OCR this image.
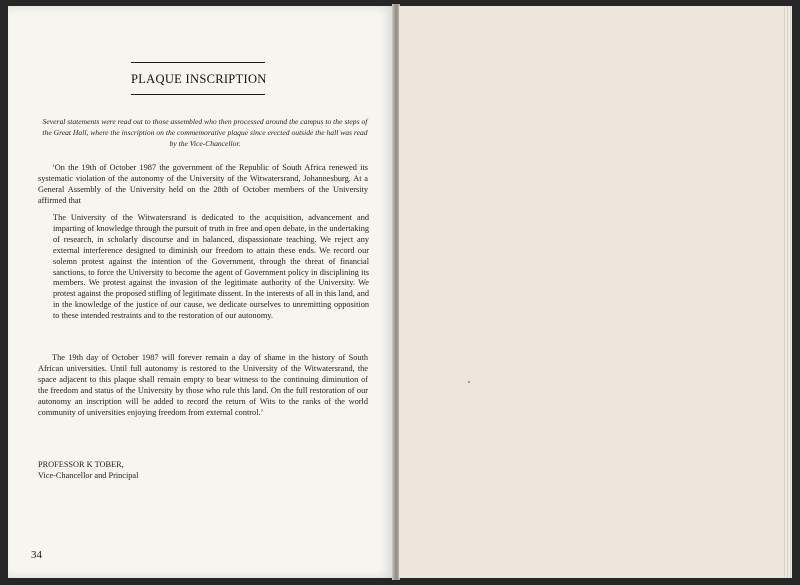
PLAQUE INSCRIPTION
Several statements were read out to those assembled who then processed around the campus to the steps of the Great Hall, where the inscription on the commemorative plaque since erected outside the hall was read by the Vice-Chancellor.
‘On the 19th of October 1987 the government of the Republic of South Africa renewed its systematic violation of the autonomy of the University of the Witwatersrand, Johannesburg. At a General Assembly of the University held on the 28th of October members of the University affirmed that
The University of the Witwatersrand is dedicated to the acquisition, advancement and imparting of knowledge through the pursuit of truth in free and open debate, in the undertaking of research, in scholarly discourse and in balanced, dispassionate teaching. We reject any external interference designed to diminish our freedom to attain these ends. We record our solemn protest against the intention of the Government, through the threat of financial sanctions, to force the University to become the agent of Government policy in disciplining its members. We protest against the invasion of the legitimate authority of the University. We protest against the proposed stifling of legitimate dissent. In the interests of all in this land, and in the knowledge of the justice of our cause, we dedicate ourselves to unremitting opposition to these intended restraints and to the restoration of our autonomy.
The 19th day of October 1987 will forever remain a day of shame in the history of South African universities. Until full autonomy is restored to the University of the Witwatersrand, the space adjacent to this plaque shall remain empty to bear witness to the continuing diminution of the freedom and status of the University by those who rule this land. On the full restoration of our autonomy an inscription will be added to record the return of Wits to the ranks of the world community of universities enjoying freedom from external control.’
PROFESSOR K TOBER,
Vice-Chancellor and Principal
34
